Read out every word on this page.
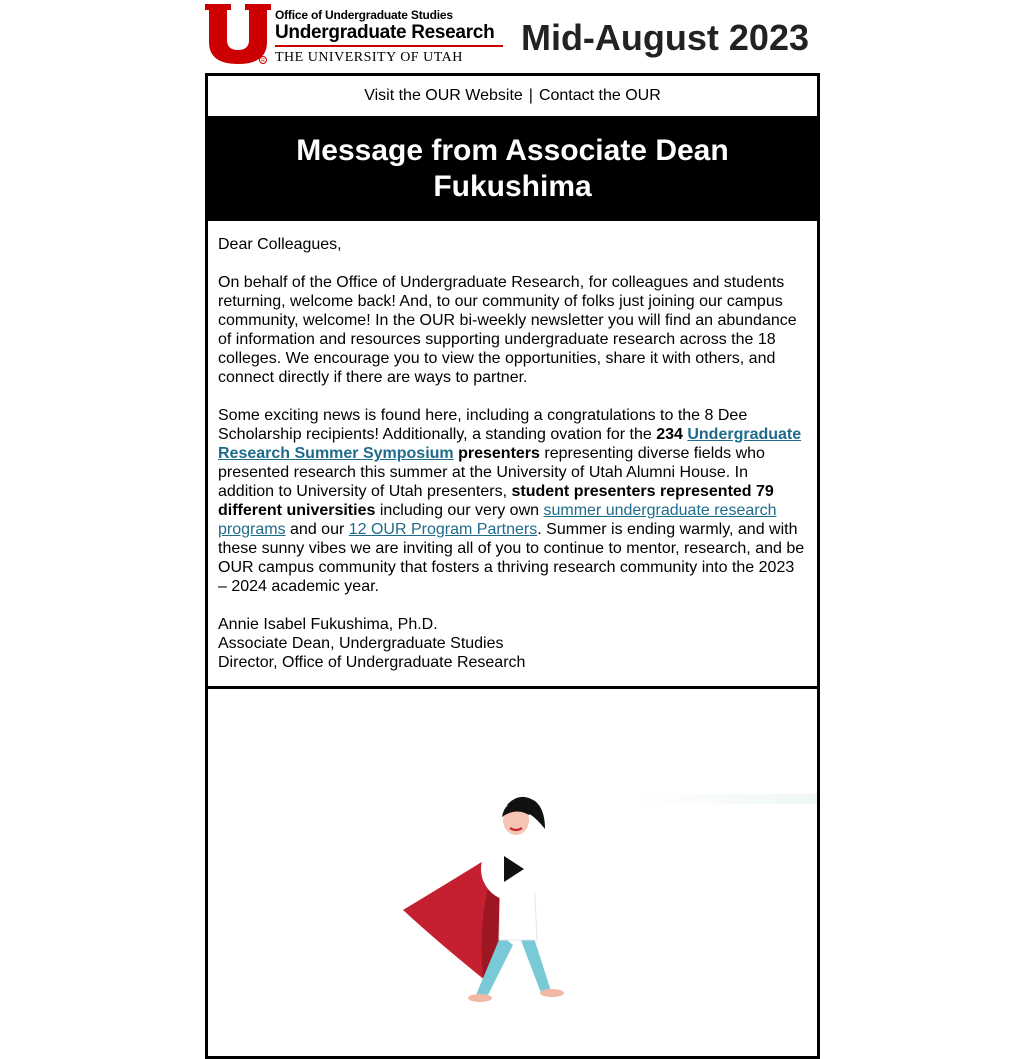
R
Office of Undergraduate Studies
Undergraduate Research
THE UNIVERSITY OF UTAH	Mid-August 2023
Visit the OUR Website | Contact the OUR
Message from Associate Dean Fukushima

Dear Colleagues,

On behalf of the Office of Undergraduate Research, for colleagues and students returning, welcome back! And, to our community of folks just joining our campus community, welcome! In the OUR bi-weekly newsletter you will find an abundance of information and resources supporting undergraduate research across the 18 colleges. We encourage you to view the opportunities, share it with others, and connect directly if there are ways to partner.

Some exciting news is found here, including a congratulations to the 8 Dee Scholarship recipients! Additionally, a standing ovation for the 234 Undergraduate Research Summer Symposium presenters representing diverse fields who presented research this summer at the University of Utah Alumni House. In addition to University of Utah presenters, student presenters represented 79 different universities including our very own summer undergraduate research programs and our 12 OUR Program Partners. Summer is ending warmly, and with these sunny vibes we are inviting all of you to continue to mentor, research, and be OUR campus community that fosters a thriving research community into the 2023 – 2024 academic year.

Annie Isabel Fukushima, Ph.D.
Associate Dean, Undergraduate Studies
Director, Office of Undergraduate Research
